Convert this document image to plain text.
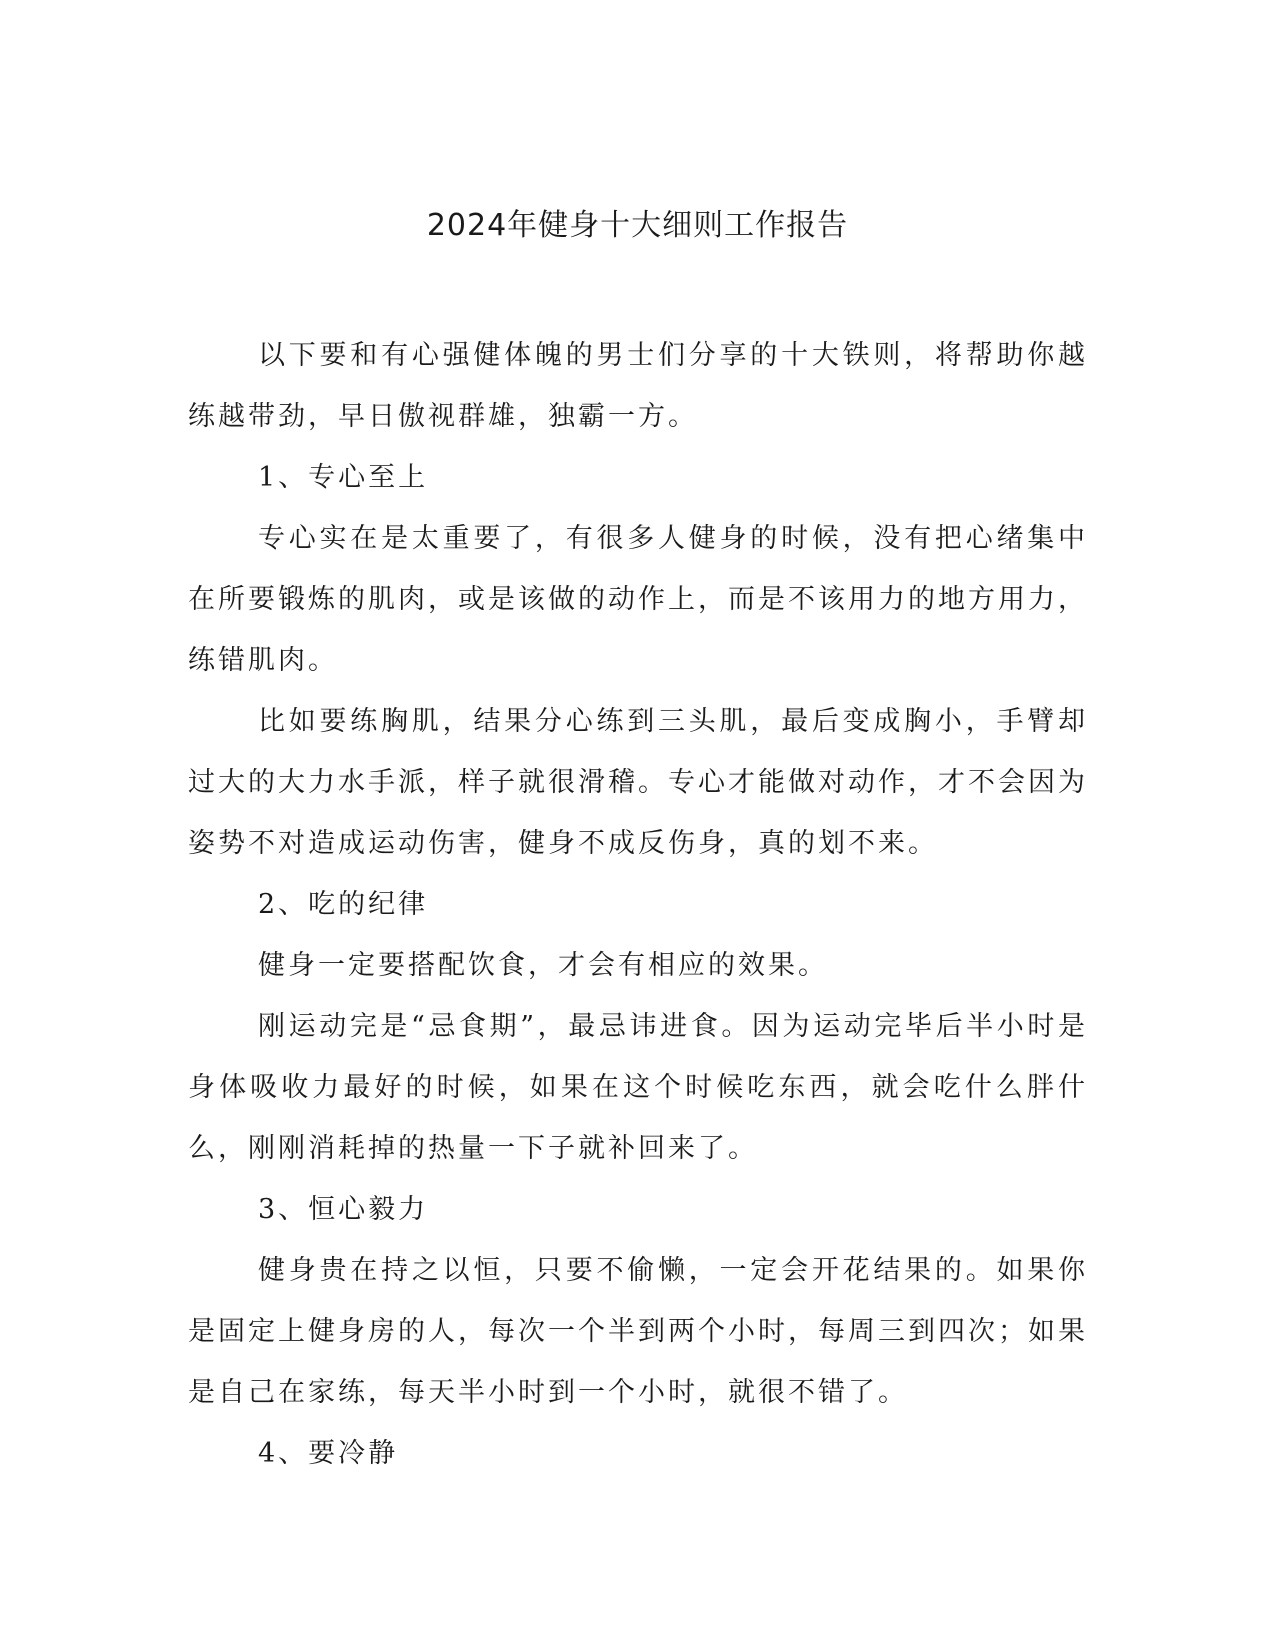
2024年健身十大细则工作报告

以下要和有心强健体魄的男士们分享的十大铁则，将帮助你越练越带劲，早日傲视群雄，独霸一方。

1、专心至上

专心实在是太重要了，有很多人健身的时候，没有把心绪集中在所要锻炼的肌肉，或是该做的动作上，而是不该用力的地方用力，练错肌肉。

比如要练胸肌，结果分心练到三头肌，最后变成胸小，手臂却过大的大力水手派，样子就很滑稽。专心才能做对动作，才不会因为姿势不对造成运动伤害，健身不成反伤身，真的划不来。

2、吃的纪律

健身一定要搭配饮食，才会有相应的效果。

刚运动完是“忌食期”，最忌讳进食。因为运动完毕后半小时是身体吸收力最好的时候，如果在这个时候吃东西，就会吃什么胖什么，刚刚消耗掉的热量一下子就补回来了。

3、恒心毅力

健身贵在持之以恒，只要不偷懒，一定会开花结果的。如果你是固定上健身房的人，每次一个半到两个小时，每周三到四次；如果是自己在家练，每天半小时到一个小时，就很不错了。

4、要冷静
